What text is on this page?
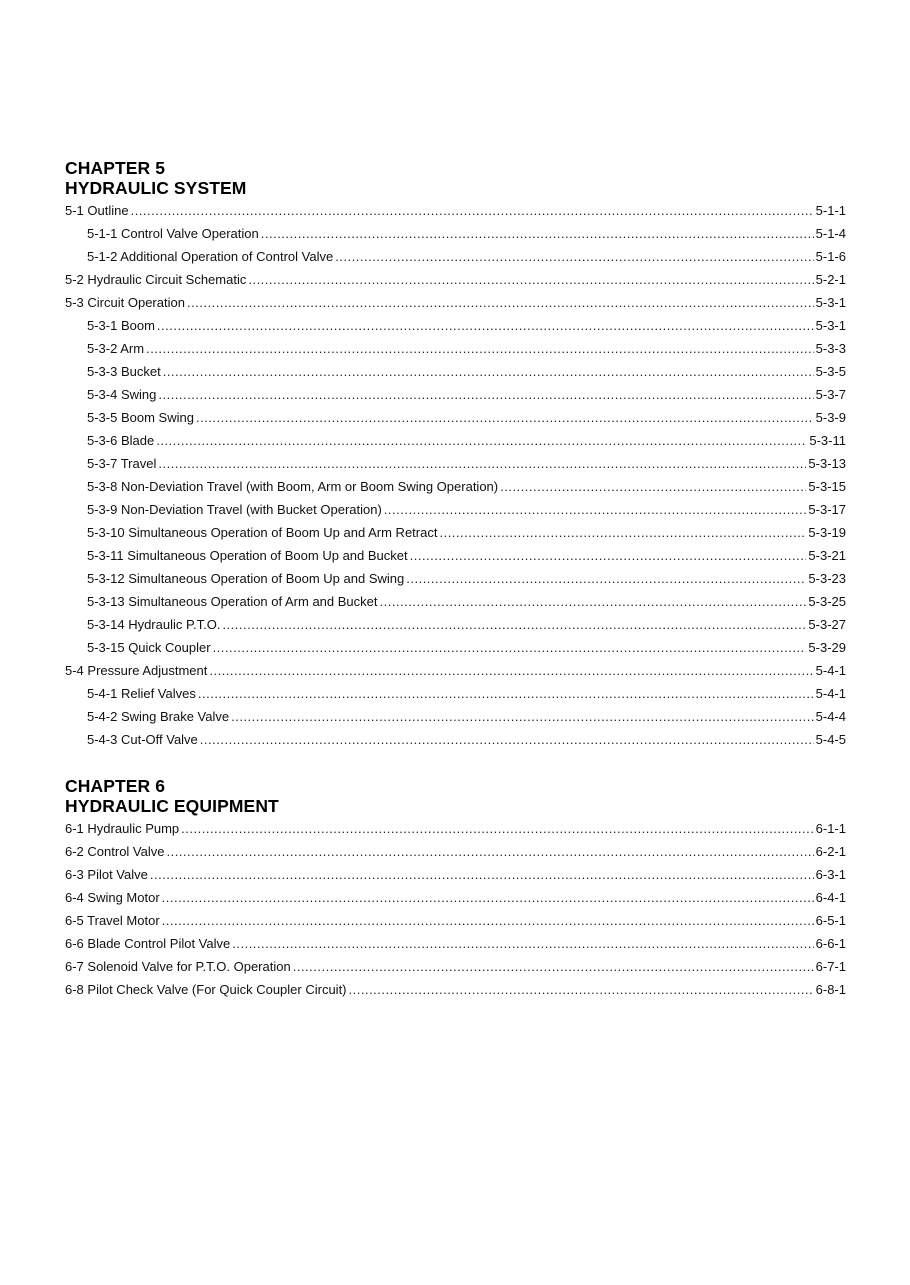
CHAPTER 5
HYDRAULIC SYSTEM
5-1 Outline .....	5-1-1
5-1-1 Control Valve Operation .....	5-1-4
5-1-2 Additional Operation of Control Valve .....	5-1-6
5-2 Hydraulic Circuit Schematic .....	5-2-1
5-3 Circuit Operation .....	5-3-1
5-3-1 Boom .....	5-3-1
5-3-2 Arm .....	5-3-3
5-3-3 Bucket .....	5-3-5
5-3-4 Swing .....	5-3-7
5-3-5 Boom Swing .....	5-3-9
5-3-6 Blade .....	5-3-11
5-3-7 Travel .....	5-3-13
5-3-8 Non-Deviation Travel (with Boom, Arm or Boom Swing Operation) .....	5-3-15
5-3-9 Non-Deviation Travel (with Bucket Operation) .....	5-3-17
5-3-10 Simultaneous Operation of Boom Up and Arm Retract .....	5-3-19
5-3-11 Simultaneous Operation of Boom Up and Bucket .....	5-3-21
5-3-12 Simultaneous Operation of Boom Up and Swing .....	5-3-23
5-3-13 Simultaneous Operation of Arm and Bucket .....	5-3-25
5-3-14 Hydraulic P.T.O. .....	5-3-27
5-3-15 Quick Coupler .....	5-3-29
5-4 Pressure Adjustment .....	5-4-1
5-4-1 Relief Valves .....	5-4-1
5-4-2 Swing Brake Valve .....	5-4-4
5-4-3 Cut-Off Valve .....	5-4-5
CHAPTER 6
HYDRAULIC EQUIPMENT
6-1 Hydraulic Pump .....	6-1-1
6-2 Control Valve .....	6-2-1
6-3 Pilot Valve .....	6-3-1
6-4 Swing Motor .....	6-4-1
6-5 Travel Motor .....	6-5-1
6-6 Blade Control Pilot Valve .....	6-6-1
6-7 Solenoid Valve for P.T.O. Operation .....	6-7-1
6-8 Pilot Check Valve (For Quick Coupler Circuit) .....	6-8-1
